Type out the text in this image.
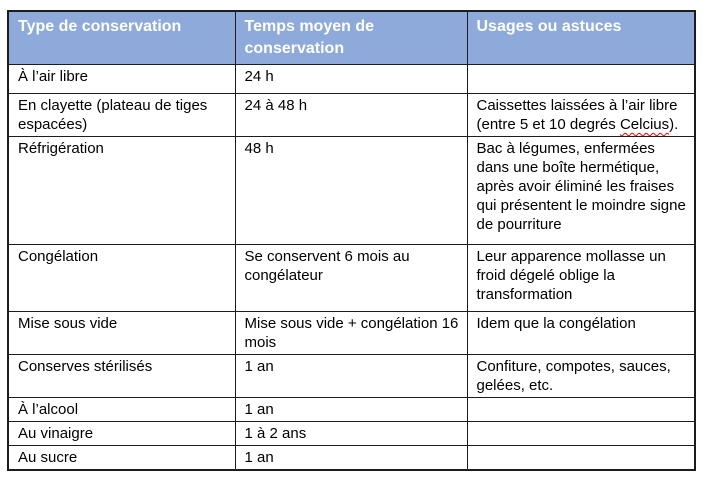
Type de conservation	Temps moyen de conservation	Usages ou astuces
À l’air libre	24 h	
En clayette (plateau de tiges espacées)	24 à 48 h	Caissettes laissées à l’air libre (entre 5 et 10 degrés Celcius).
Réfrigération	48 h	Bac à légumes, enfermées dans une boîte hermétique, après avoir éliminé les fraises qui présentent le moindre signe de pourriture
Congélation	Se conservent 6 mois au congélateur	Leur apparence mollasse un froid dégelé oblige la transformation
Mise sous vide	Mise sous vide + congélation 16 mois	Idem que la congélation
Conserves stérilisés	1 an	Confiture, compotes, sauces, gelées, etc.
À l’alcool	1 an	
Au vinaigre	1 à 2 ans	
Au sucre	1 an	
